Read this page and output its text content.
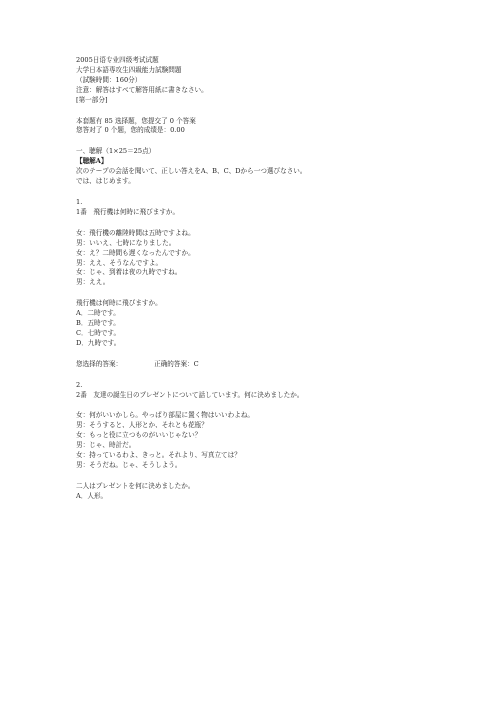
2005日语专业四级考试试题
大学日本語専攻生四級能力試験問題
（試験時間：160分）
注意：解答はすべて解答用紙に書きなさい。
[第一部分]
本套题有 85 选择题，您提交了 0 个答案
您答对了 0 个题，您的成绩是：0.00
一、聴解（1×25＝25点）
【聴解A】
次のテープの会話を聞いて、正しい答えをA、B、C、Dから一つ選びなさい。
では、はじめます。
1.
1番　飛行機は何時に飛びますか。
女：飛行機の離陸時間は五時ですよね。
男：いいえ、七時になりました。
女：え？二時間も遅くなったんですか。
男：ええ、そうなんですよ。
女：じゃ、到着は夜の九時ですね。
男：ええ。
飛行機は何時に飛びますか。
A．二時です。
B．五時です。
C．七時です。
D．九時です。
您选择的答案：	正确的答案：C
2.
2番　友達の誕生日のプレゼントについて話しています。何に決めましたか。
女：何がいいかしら。やっぱり部屋に置く物はいいわよね。
男：そうすると、人形とか、それとも花瓶？
女：もっと役に立つものがいいじゃない？
男：じゃ、時計だ。
女：持っているわよ、きっと。それより、写真立ては？
男：そうだね。じゃ、そうしよう。
二人はプレゼントを何に決めましたか。
A．人形。
